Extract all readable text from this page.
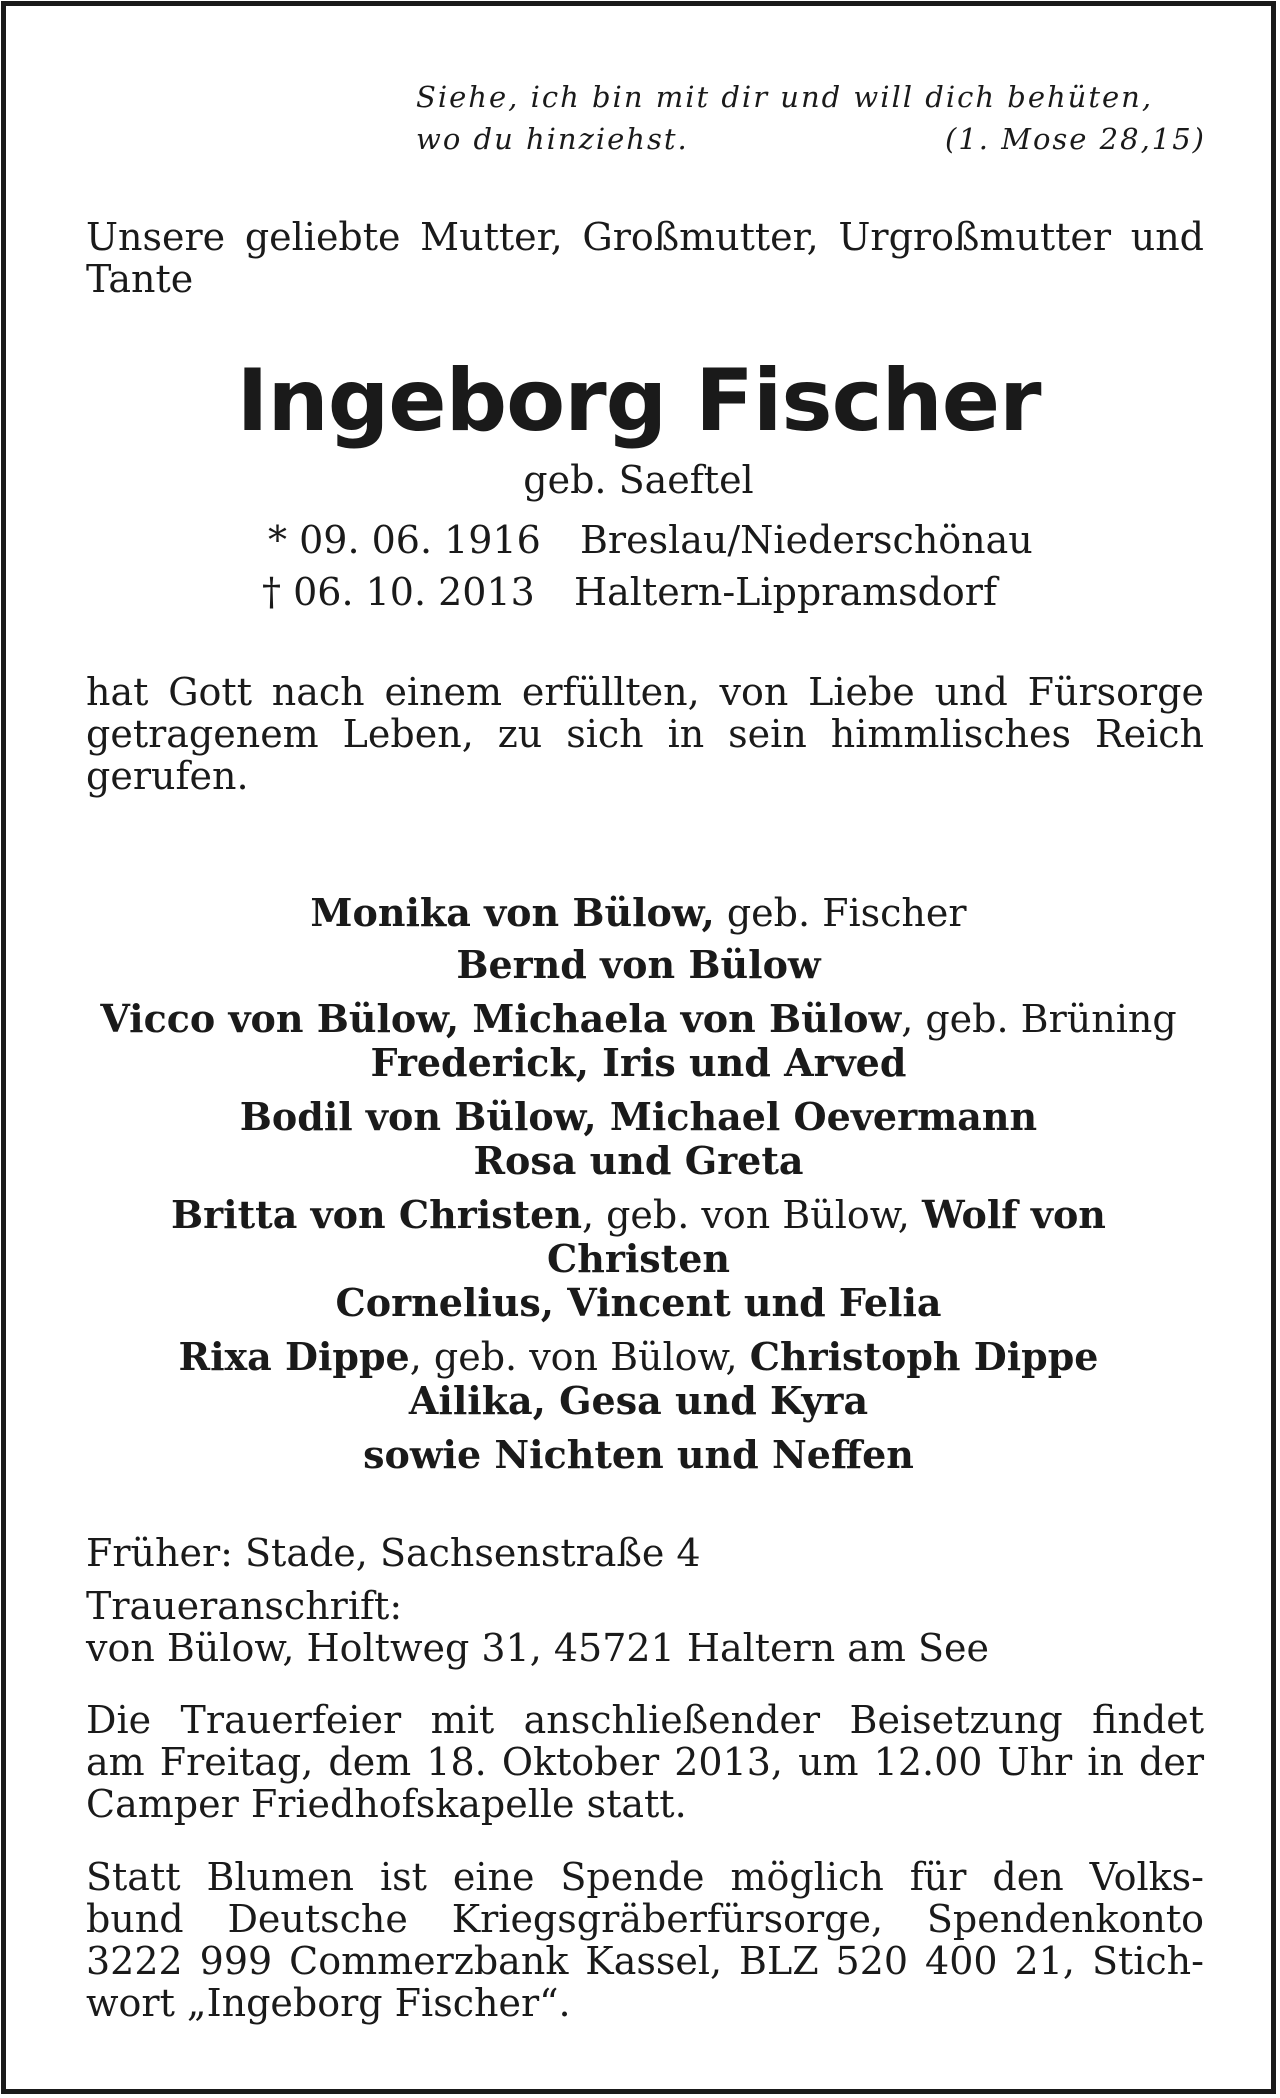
Siehe, ich bin mit dir und will dich behüten,
wo du hinziehst.	(1. Mose 28,15)
Unsere geliebte Mutter, Großmutter, Urgroßmutter und
Tante
Ingeborg Fischer
geb. Saeftel
* 09. 06. 1916 Breslau/Niederschönau
† 06. 10. 2013 Haltern-Lippramsdorf
hat Gott nach einem erfüllten, von Liebe und Fürsorge
getragenem Leben, zu sich in sein himmlisches Reich
gerufen.
Monika von Bülow, geb. Fischer
Bernd von Bülow
Vicco von Bülow, Michaela von Bülow, geb. Brüning
Frederick, Iris und Arved
Bodil von Bülow, Michael Oevermann
Rosa und Greta
Britta von Christen, geb. von Bülow, Wolf von Christen
Cornelius, Vincent und Felia
Rixa Dippe, geb. von Bülow, Christoph Dippe
Ailika, Gesa und Kyra
sowie Nichten und Neffen
Früher: Stade, Sachsenstraße 4
Traueranschrift:
von Bülow, Holtweg 31, 45721 Haltern am See
Die Trauerfeier mit anschließender Beisetzung findet
am Freitag, dem 18. Oktober 2013, um 12.00 Uhr in der
Camper Friedhofskapelle statt.
Statt Blumen ist eine Spende möglich für den Volks-
bund Deutsche Kriegsgräberfürsorge, Spendenkonto
3222 999 Commerzbank Kassel, BLZ 520 400 21, Stich-
wort „Ingeborg Fischer“.
